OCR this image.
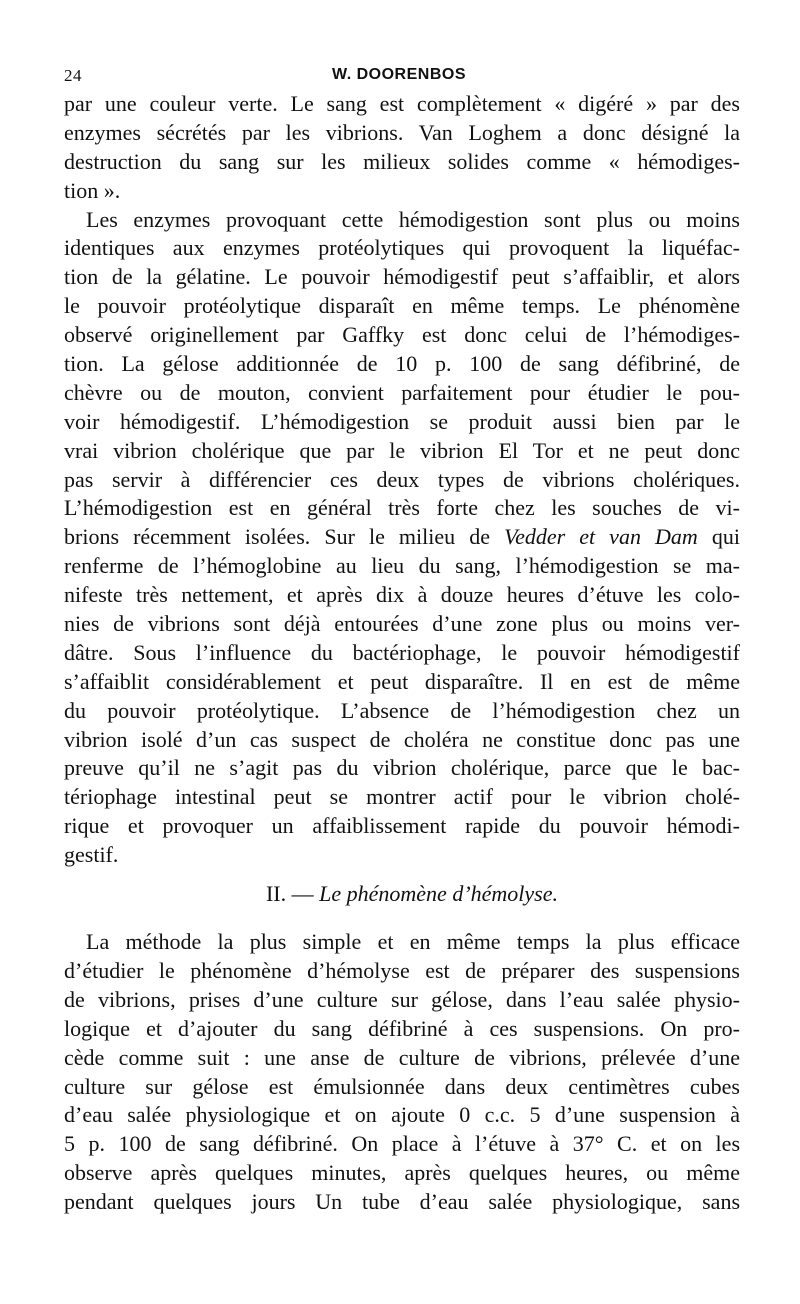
24	W. DOORENBOS
par une couleur verte. Le sang est complètement « digéré » par des
enzymes sécrétés par les vibrions. Van Loghem a donc désigné la
destruction du sang sur les milieux solides comme « hémodiges-
tion ».
Les enzymes provoquant cette hémodigestion sont plus ou moins
identiques aux enzymes protéolytiques qui provoquent la liquéfac-
tion de la gélatine. Le pouvoir hémodigestif peut s’affaiblir, et alors
le pouvoir protéolytique disparaît en même temps. Le phénomène
observé originellement par Gaffky est donc celui de l’hémodiges-
tion. La gélose additionnée de 10 p. 100 de sang défibriné, de
chèvre ou de mouton, convient parfaitement pour étudier le pou-
voir hémodigestif. L’hémodigestion se produit aussi bien par le
vrai vibrion cholérique que par le vibrion El Tor et ne peut donc
pas servir à différencier ces deux types de vibrions cholériques.
L’hémodigestion est en général très forte chez les souches de vi-
brions récemment isolées. Sur le milieu de Vedder et van Dam qui
renferme de l’hémoglobine au lieu du sang, l’hémodigestion se ma-
nifeste très nettement, et après dix à douze heures d’étuve les colo-
nies de vibrions sont déjà entourées d’une zone plus ou moins ver-
dâtre. Sous l’influence du bactériophage, le pouvoir hémodigestif
s’affaiblit considérablement et peut disparaître. Il en est de même
du pouvoir protéolytique. L’absence de l’hémodigestion chez un
vibrion isolé d’un cas suspect de choléra ne constitue donc pas une
preuve qu’il ne s’agit pas du vibrion cholérique, parce que le bac-
tériophage intestinal peut se montrer actif pour le vibrion cholé-
rique et provoquer un affaiblissement rapide du pouvoir hémodi-
gestif.
II. — Le phénomène d’hémolyse.
La méthode la plus simple et en même temps la plus efficace
d’étudier le phénomène d’hémolyse est de préparer des suspensions
de vibrions, prises d’une culture sur gélose, dans l’eau salée physio-
logique et d’ajouter du sang défibriné à ces suspensions. On pro-
cède comme suit : une anse de culture de vibrions, prélevée d’une
culture sur gélose est émulsionnée dans deux centimètres cubes
d’eau salée physiologique et on ajoute 0 c.c. 5 d’une suspension à
5 p. 100 de sang défibriné. On place à l’étuve à 37° C. et on les
observe après quelques minutes, après quelques heures, ou même
pendant quelques jours Un tube d’eau salée physiologique, sans
